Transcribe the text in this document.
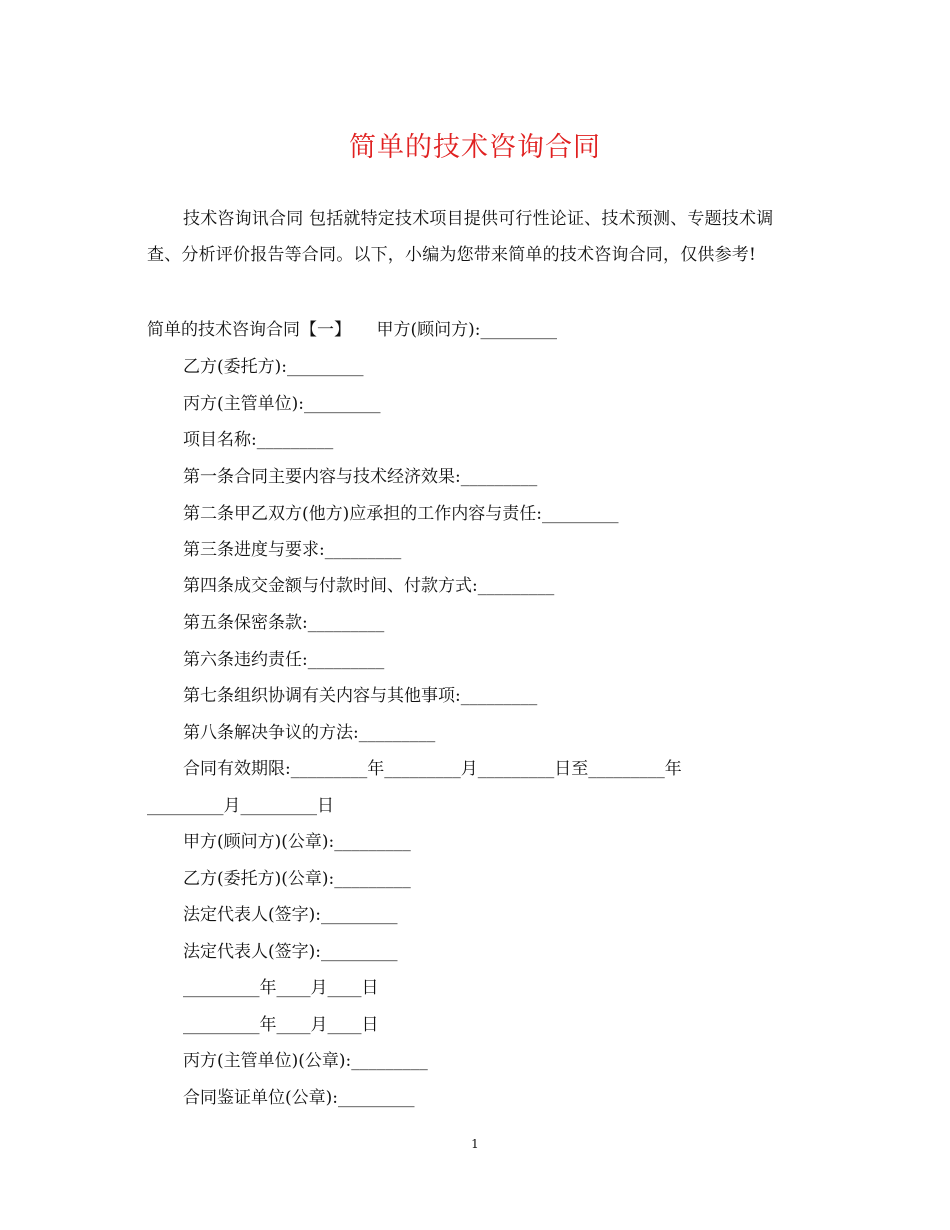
简单的技术咨询合同

技术咨询讯合同 包括就特定技术项目提供可行性论证、技术预测、专题技术调查、分析评价报告等合同。以下，小编为您带来简单的技术咨询合同，仅供参考!

简单的技术咨询合同【一】　　甲方(顾问方):_________

乙方(委托方):_________

丙方(主管单位):_________

项目名称:_________

第一条合同主要内容与技术经济效果:_________

第二条甲乙双方(他方)应承担的工作内容与责任:_________

第三条进度与要求:_________

第四条成交金额与付款时间、付款方式:_________

第五条保密条款:_________

第六条违约责任:_________

第七条组织协调有关内容与其他事项:_________

第八条解决争议的方法:_________

合同有效期限:_________年_________月_________日至_________年

_________月_________日

甲方(顾问方)(公章):_________

乙方(委托方)(公章):_________

法定代表人(签字):_________

法定代表人(签字):_________

_________年____月____日

_________年____月____日

丙方(主管单位)(公章):_________

合同鉴证单位(公章):_________

1
